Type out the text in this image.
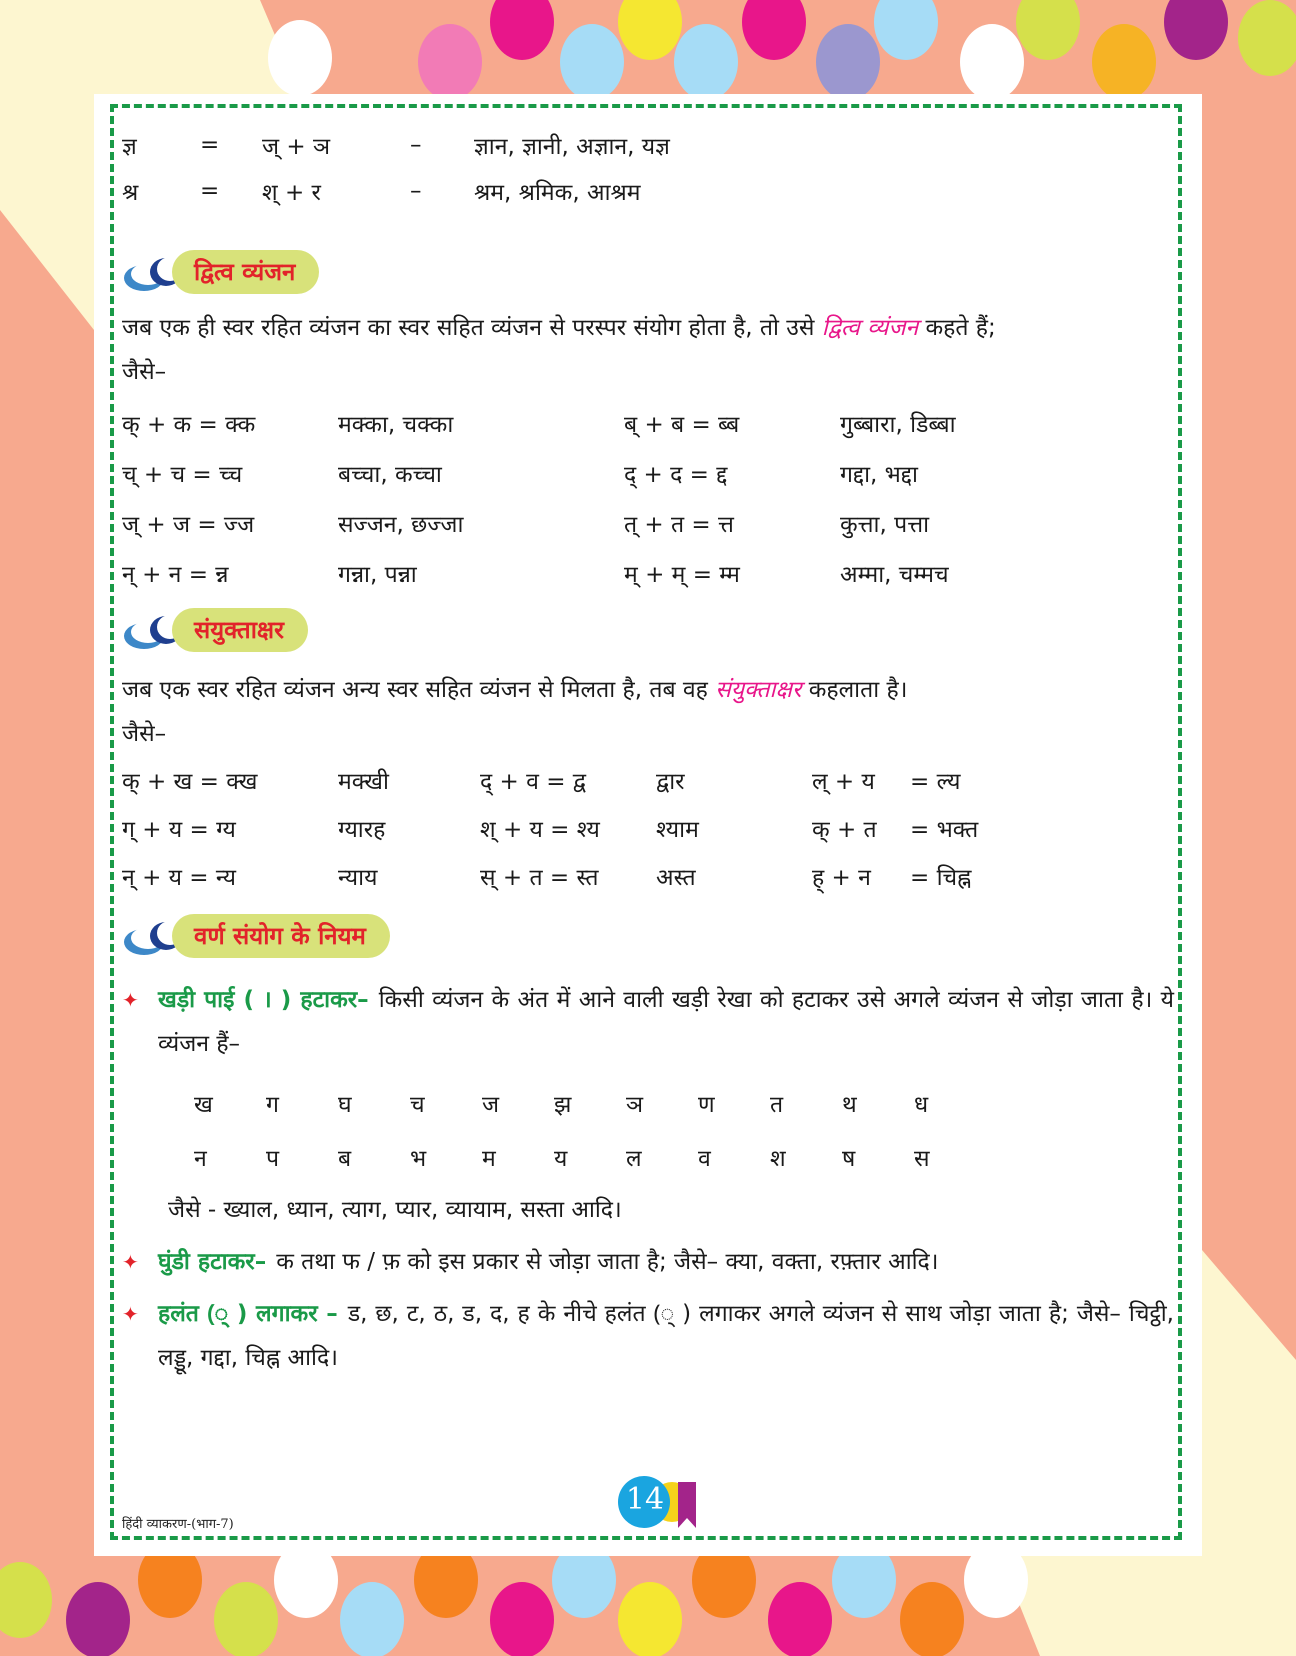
ज्ञ	=	ज् + ञ	–	ज्ञान, ज्ञानी, अज्ञान, यज्ञ
श्र	=	श् + र	–	श्रम, श्रमिक, आश्रम
द्वित्व व्यंजन
जब एक ही स्वर रहित व्यंजन का स्वर सहित व्यंजन से परस्पर संयोग होता है, तो उसे द्वित्व व्यंजन कहते हैं;
जैसे–
क् + क = क्क	मक्का, चक्का	ब् + ब = ब्ब	गुब्बारा, डिब्बा
च् + च = च्च	बच्चा, कच्चा	द् + द = द्द	गद्दा, भद्दा
ज् + ज = ज्ज	सज्जन, छज्जा	त् + त = त्त	कुत्ता, पत्ता
न् + न = न्न	गन्ना, पन्ना	म् + म् = म्म	अम्मा, चम्मच
संयुक्ताक्षर
जब एक स्वर रहित व्यंजन अन्य स्वर सहित व्यंजन से मिलता है, तब वह संयुक्ताक्षर कहलाता है।
जैसे–
क् + ख = क्ख	मक्खी	द् + व = द्व	द्वार	ल् + य	= ल्य
ग् + य = ग्य	ग्यारह	श् + य = श्य	श्याम	क् + त	= भक्त
न् + य = न्य	न्याय	स् + त = स्त	अस्त	ह् + न	= चिह्न
वर्ण संयोग के नियम
✦ खड़ी पाई ( । ) हटाकर– किसी व्यंजन के अंत में आने वाली खड़ी रेखा को हटाकर उसे अगले व्यंजन से जोड़ा जाता है। ये व्यंजन हैं–
ख	ग	घ	च	ज	झ	ञ	ण	त	थ	ध
न	प	ब	भ	म	य	ल	व	श	ष	स
जैसे - ख्याल, ध्यान, त्याग, प्यार, व्यायाम, सस्ता आदि।
✦ घुंडी हटाकर– क तथा फ / फ़ को इस प्रकार से जोड़ा जाता है; जैसे– क्या, वक्ता, रफ़्तार आदि।
✦ हलंत (् ) लगाकर – ड, छ, ट, ठ, ड, द, ह के नीचे हलंत (् ) लगाकर अगले व्यंजन से साथ जोड़ा जाता है; जैसे– चिट्ठी, लड्डू, गद्दा, चिह्न आदि।
हिंदी व्याकरण-(भाग-7)
14
